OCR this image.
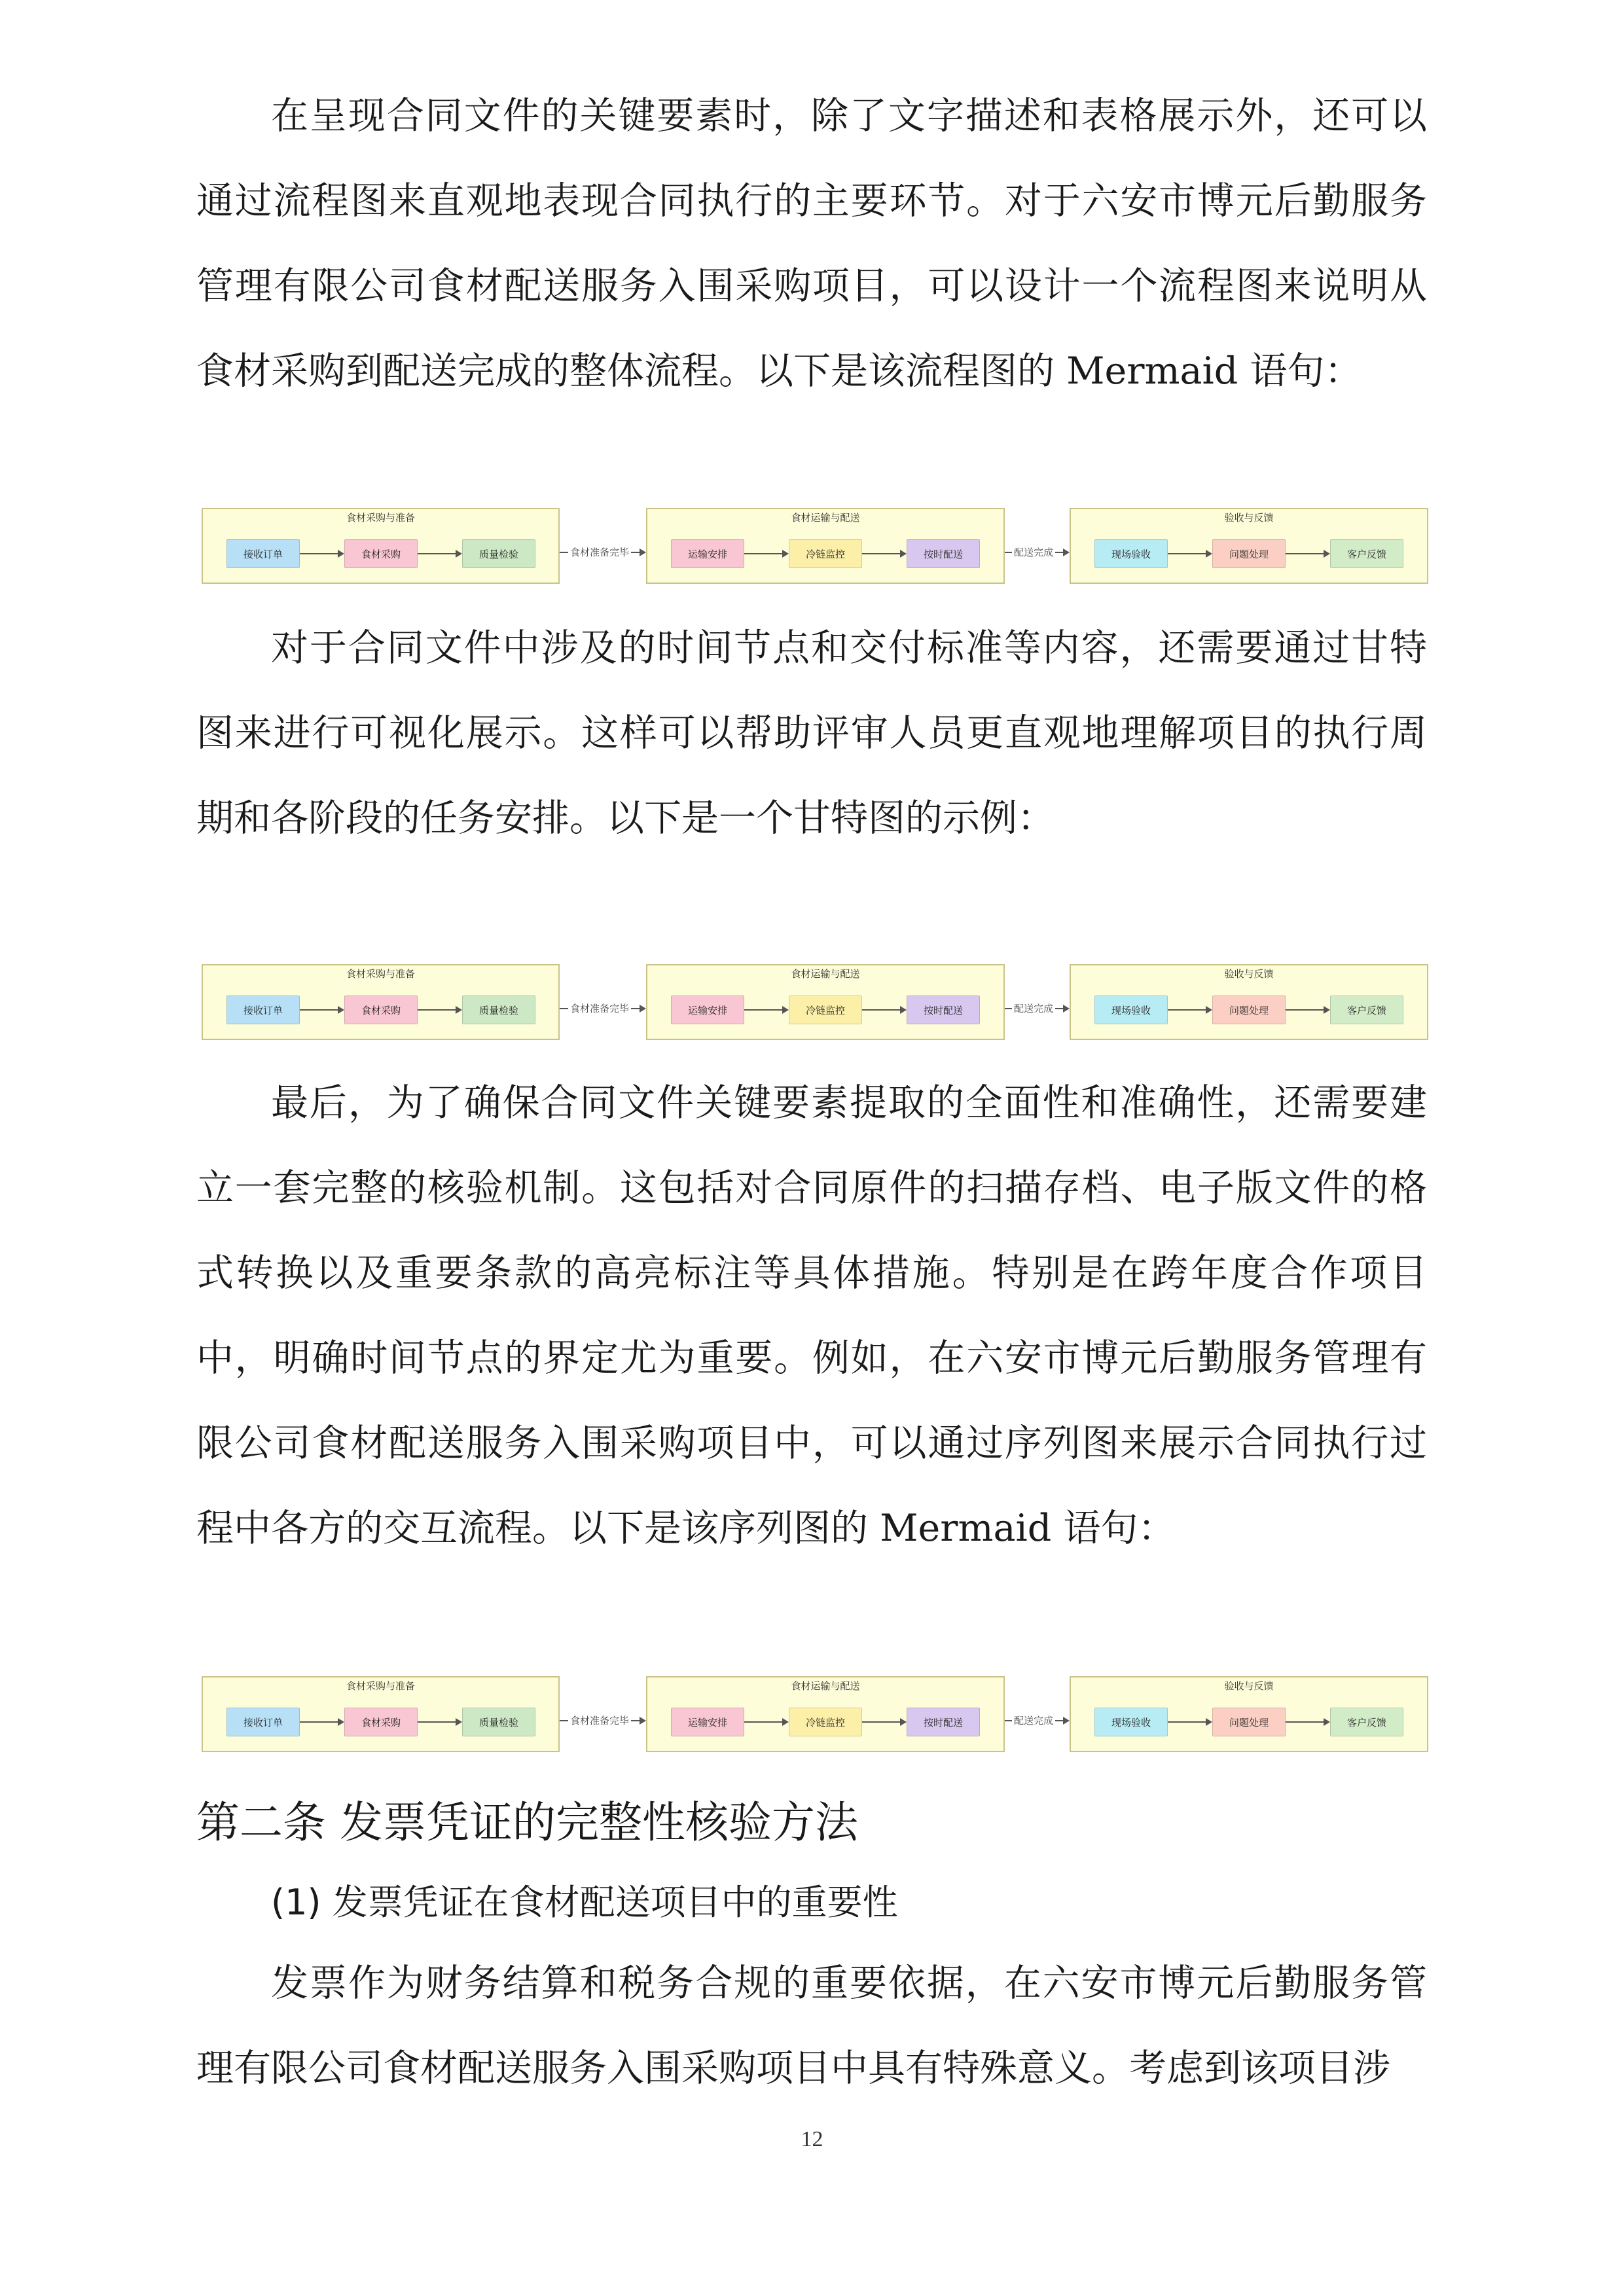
在呈现合同文件的关键要素时，除了文字描述和表格展示外，还可以通过流程图来直观地表现合同执行的主要环节。对于六安市博元后勤服务管理有限公司食材配送服务入围采购项目，可以设计一个流程图来说明从食材采购到配送完成的整体流程。以下是该流程图的 Mermaid 语句：

食材采购与准备
接收订单	食材采购	质量检验	食材准备完毕
食材运输与配送
运输安排	冷链监控	按时配送	配送完成
验收与反馈
现场验收	问题处理	客户反馈

对于合同文件中涉及的时间节点和交付标准等内容，还需要通过甘特图来进行可视化展示。这样可以帮助评审人员更直观地理解项目的执行周期和各阶段的任务安排。以下是一个甘特图的示例：

食材采购与准备
接收订单	食材采购	质量检验	食材准备完毕
食材运输与配送
运输安排	冷链监控	按时配送	配送完成
验收与反馈
现场验收	问题处理	客户反馈

最后，为了确保合同文件关键要素提取的全面性和准确性，还需要建立一套完整的核验机制。这包括对合同原件的扫描存档、电子版文件的格式转换以及重要条款的高亮标注等具体措施。特别是在跨年度合作项目中，明确时间节点的界定尤为重要。例如，在六安市博元后勤服务管理有限公司食材配送服务入围采购项目中，可以通过序列图来展示合同执行过程中各方的交互流程。以下是该序列图的 Mermaid 语句：

食材采购与准备
接收订单	食材采购	质量检验	食材准备完毕
食材运输与配送
运输安排	冷链监控	按时配送	配送完成
验收与反馈
现场验收	问题处理	客户反馈
第二条 发票凭证的完整性核验方法

(1) 发票凭证在食材配送项目中的重要性

发票作为财务结算和税务合规的重要依据，在六安市博元后勤服务管理有限公司食材配送服务入围采购项目中具有特殊意义。考虑到该项目涉

12
